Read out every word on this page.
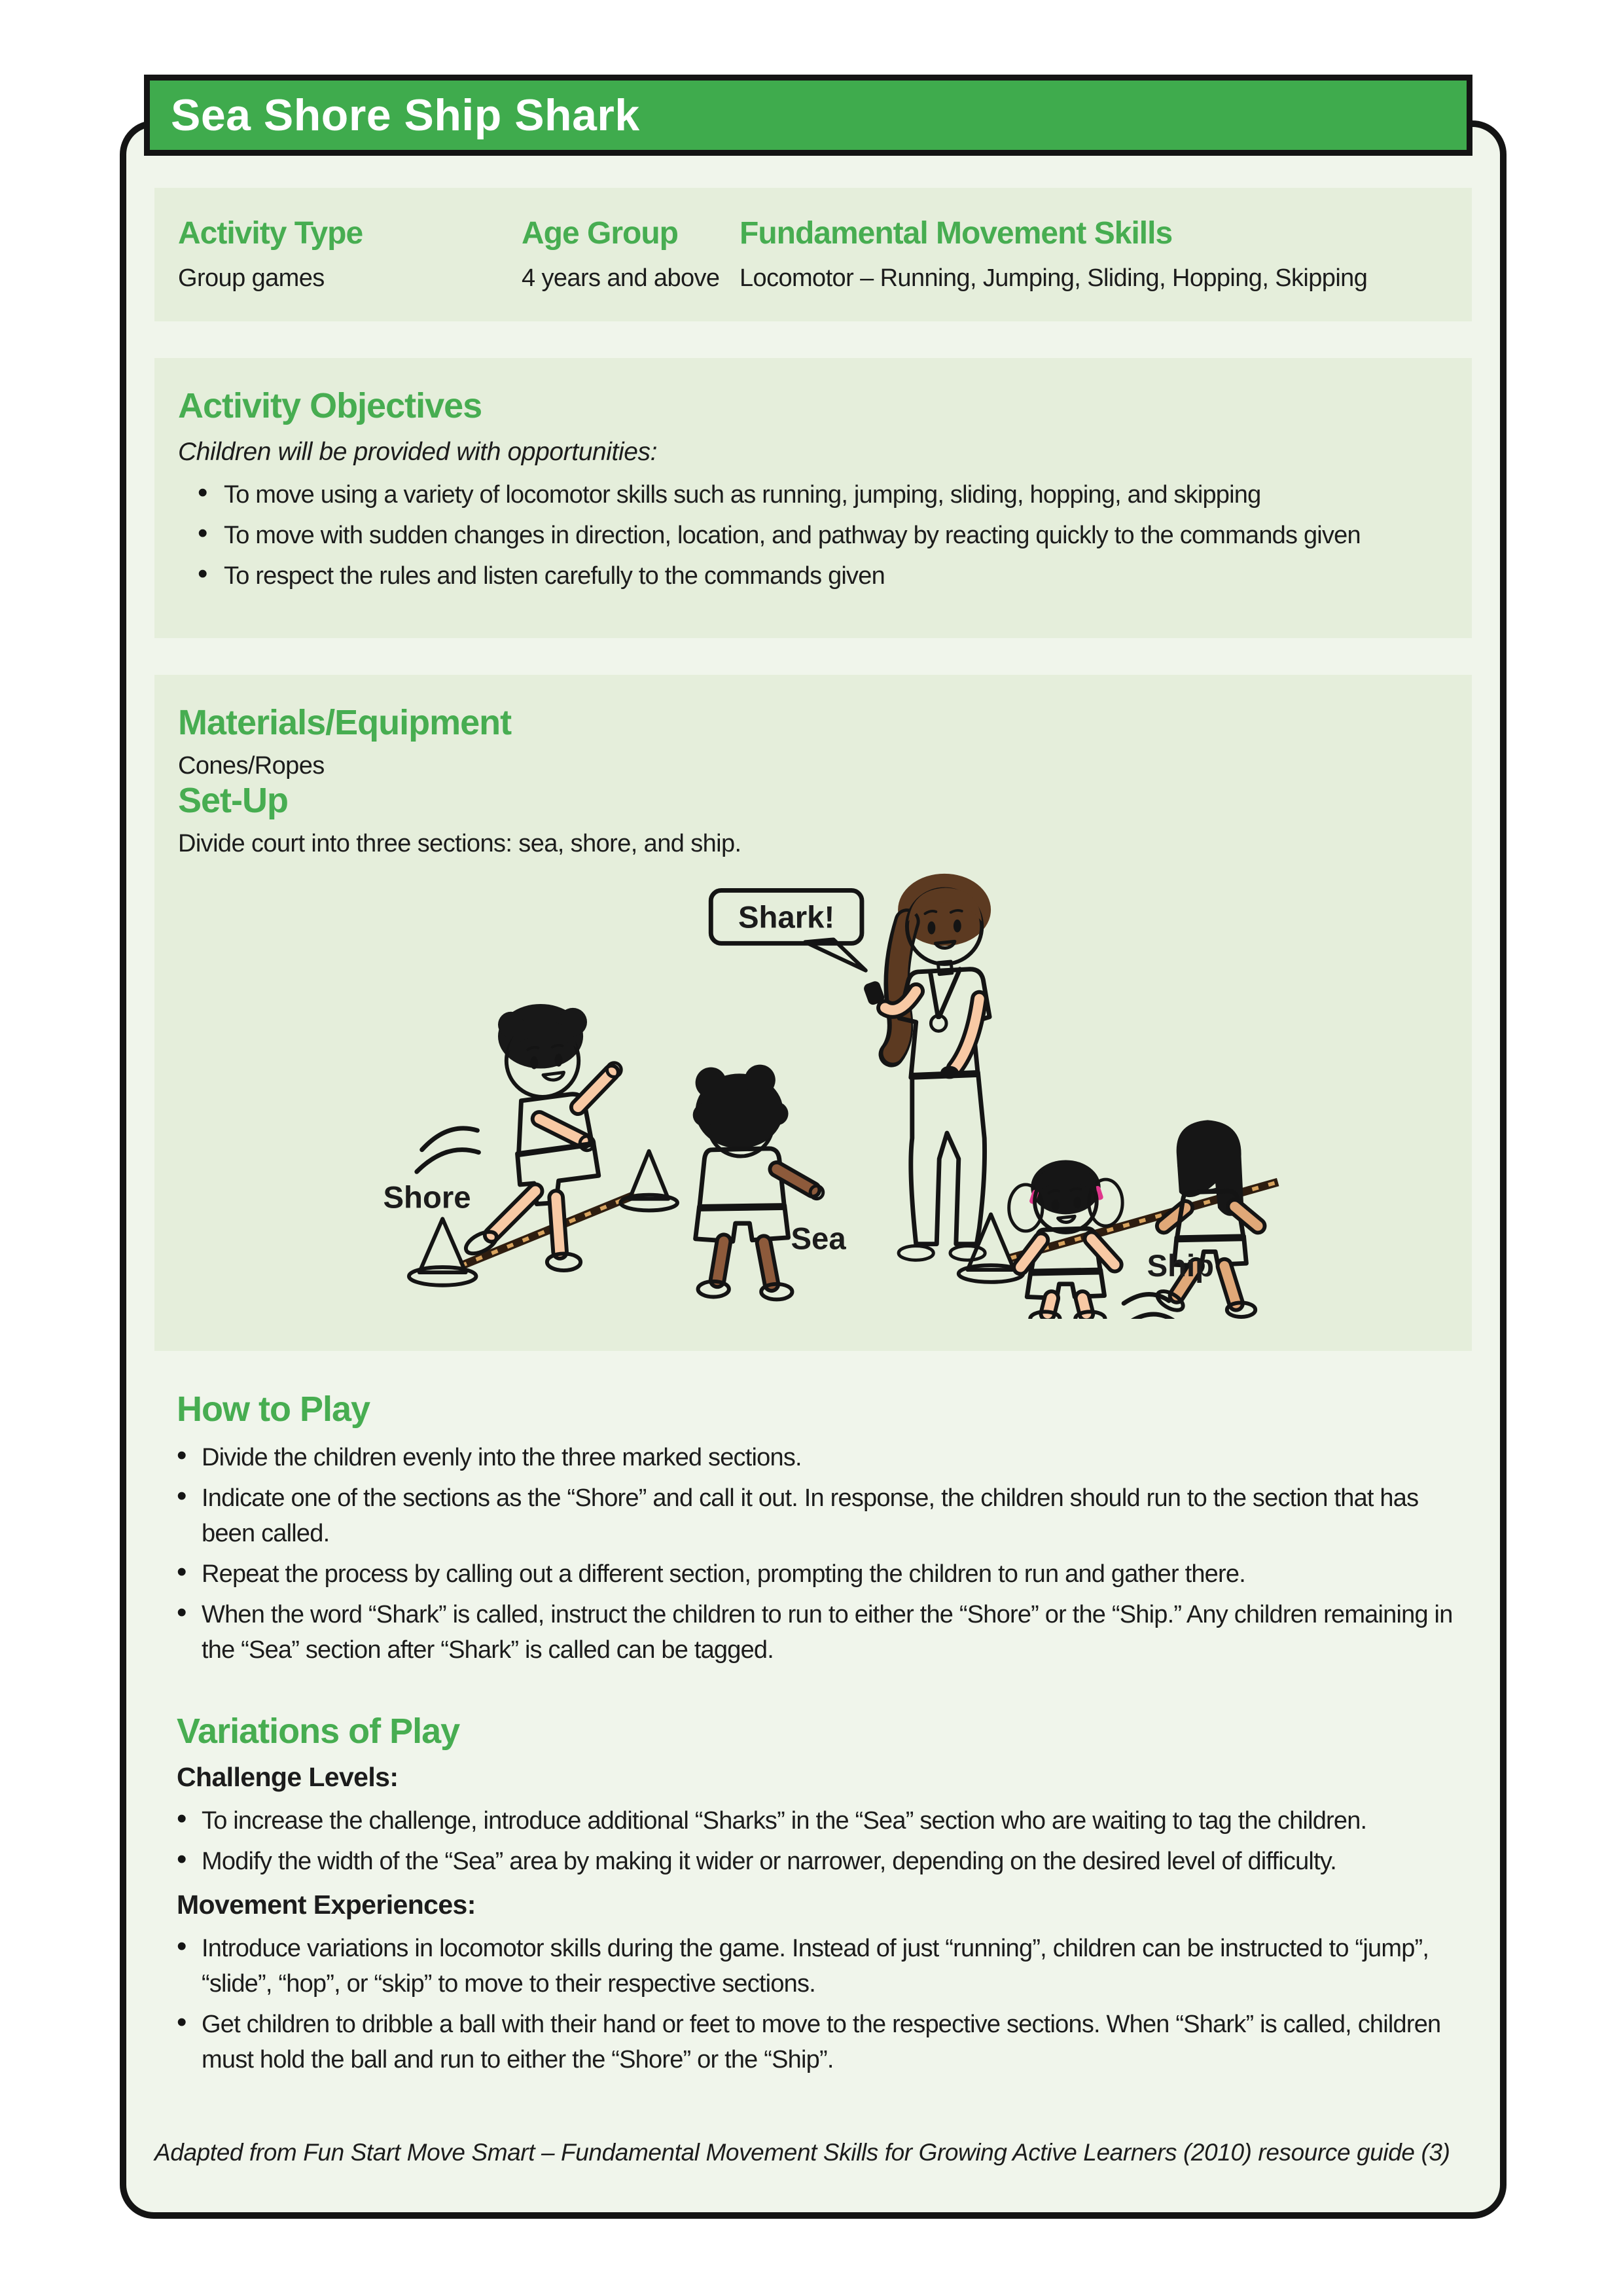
Sea Shore Ship Shark
Activity Type
Group games
Age Group
4 years and above
Fundamental Movement Skills
Locomotor – Running, Jumping, Sliding, Hopping, Skipping
Activity Objectives

Children will be provided with opportunities:

• To move using a variety of locomotor skills such as running, jumping, sliding, hopping, and skipping
• To move with sudden changes in direction, location, and pathway by reacting quickly to the commands given
• To respect the rules and listen carefully to the commands given
Materials/Equipment

Cones/Ropes

Set-Up

Divide court into three sections: sea, shore, and ship.

Shark!
Shore
Sea
Ship
How to Play
• Divide the children evenly into the three marked sections.
• Indicate one of the sections as the “Shore” and call it out. In response, the children should run to the section that has been called.
• Repeat the process by calling out a different section, prompting the children to run and gather there.
• When the word “Shark” is called, instruct the children to run to either the “Shore” or the “Ship.” Any children remaining in the “Sea” section after “Shark” is called can be tagged.
Variations of Play
Challenge Levels:
• To increase the challenge, introduce additional “Sharks” in the “Sea” section who are waiting to tag the children.
• Modify the width of the “Sea” area by making it wider or narrower, depending on the desired level of difficulty.
Movement Experiences:
• Introduce variations in locomotor skills during the game. Instead of just “running”, children can be instructed to “jump”, “slide”, “hop”, or “skip” to move to their respective sections.
• Get children to dribble a ball with their hand or feet to move to the respective sections. When “Shark” is called, children must hold the ball and run to either the “Shore” or the “Ship”.

Adapted from Fun Start Move Smart – Fundamental Movement Skills for Growing Active Learners (2010) resource guide (3)
